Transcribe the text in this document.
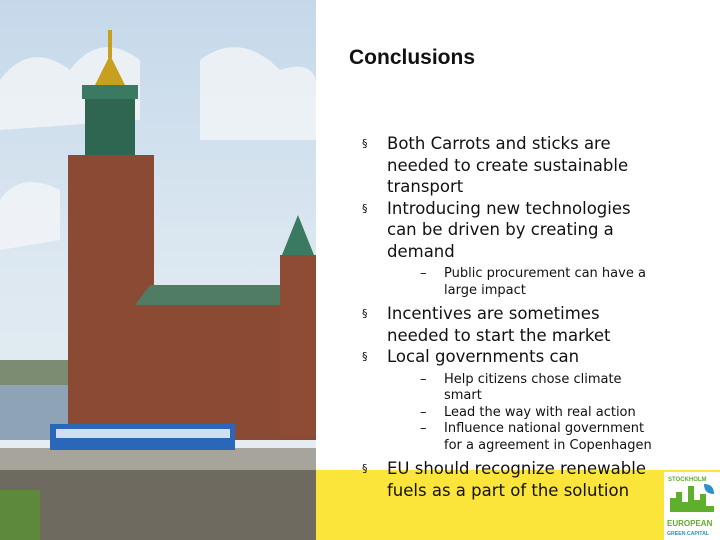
Conclusions
§ Both Carrots and sticks are needed to create sustainable transport
§ Introducing new technologies can be driven by creating a demand
– Public procurement can have a large impact
§ Incentives are sometimes needed to start the market
§ Local governments can
– Help citizens chose climate smart
– Lead the way with real action
– Influence national government for a agreement in Copenhagen
§ EU should recognize renewable fuels as a part of the solution
STOCKHOLM
EUROPEAN
GREEN CAPITAL
